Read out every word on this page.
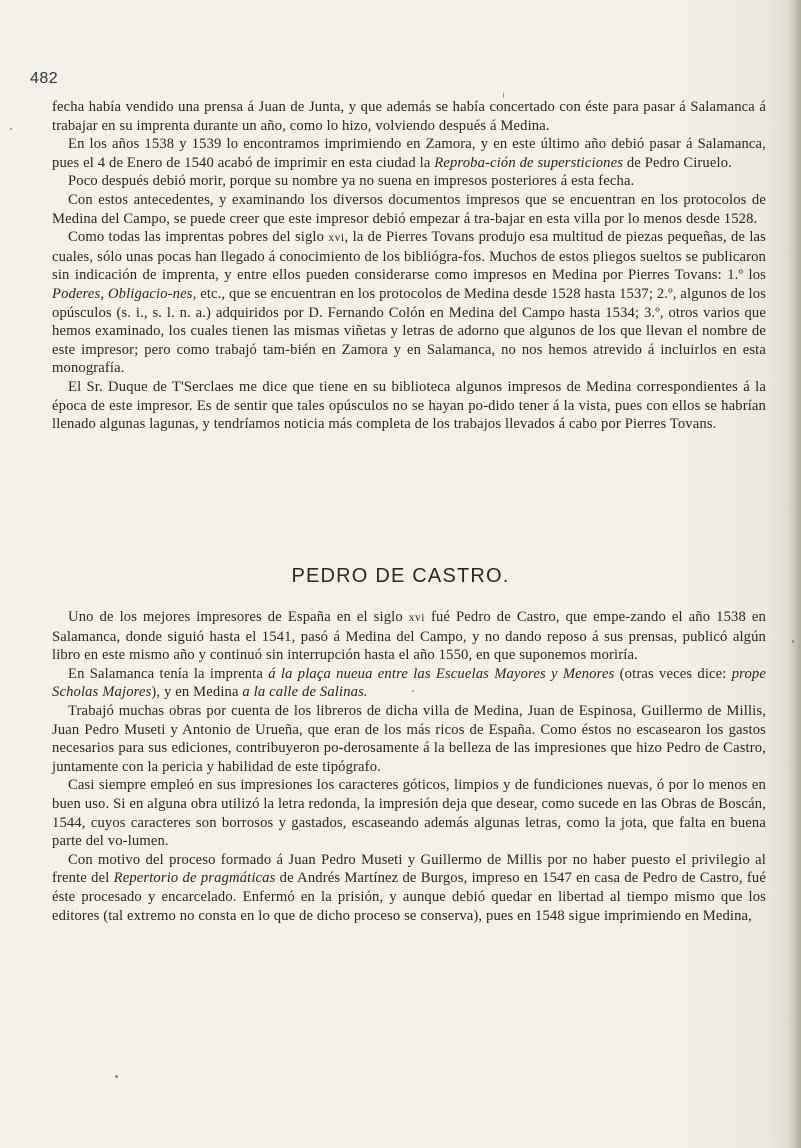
482

fecha había vendido una prensa á Juan de Junta, y que además se había concertado con éste para pasar á Salamanca á trabajar en su imprenta durante un año, como lo hizo, volviendo después á Medina.

En los años 1538 y 1539 lo encontramos imprimiendo en Zamora, y en este último año debió pasar á Salamanca, pues el 4 de Enero de 1540 acabó de imprimir en esta ciudad la Reproba-ción de supersticiones de Pedro Ciruelo.

Poco después debió morir, porque su nombre ya no suena en impresos posteriores á esta fecha.

Con estos antecedentes, y examinando los diversos documentos impresos que se encuentran en los protocolos de Medina del Campo, se puede creer que este impresor debió empezar á tra-bajar en esta villa por lo menos desde 1528.

Como todas las imprentas pobres del siglo xvi, la de Pierres Tovans produjo esa multitud de piezas pequeñas, de las cuales, sólo unas pocas han llegado á conocimiento de los bibliógra-fos. Muchos de estos pliegos sueltos se publicaron sin indicación de imprenta, y entre ellos pueden considerarse como impresos en Medina por Pierres Tovans: 1.º los Poderes, Obligacio-nes, etc., que se encuentran en los protocolos de Medina desde 1528 hasta 1537; 2.º, algunos de los opúsculos (s. i., s. l. n. a.) adquiridos por D. Fernando Colón en Medina del Campo hasta 1534; 3.º, otros varios que hemos examinado, los cuales tienen las mismas viñetas y letras de adorno que algunos de los que llevan el nombre de este impresor; pero como trabajó tam-bién en Zamora y en Salamanca, no nos hemos atrevido á incluirlos en esta monografía.

El Sr. Duque de T'Serclaes me dice que tiene en su biblioteca algunos impresos de Medina correspondientes á la época de este impresor. Es de sentir que tales opúsculos no se hayan po-dido tener á la vista, pues con ellos se habrían llenado algunas lagunas, y tendríamos noticia más completa de los trabajos llevados á cabo por Pierres Tovans.

PEDRO DE CASTRO.

Uno de los mejores impresores de España en el siglo xvi fué Pedro de Castro, que empe-zando el año 1538 en Salamanca, donde siguió hasta el 1541, pasó á Medina del Campo, y no dando reposo á sus prensas, publicó algún libro en este mismo año y continuó sin interrupción hasta el año 1550, en que suponemos moriría.

En Salamanca tenía la imprenta á la plaça nueua entre las Escuelas Mayores y Menores (otras veces dice: prope Scholas Majores), y en Medina a la calle de Salinas.

Trabajó muchas obras por cuenta de los libreros de dicha villa de Medina, Juan de Espinosa, Guillermo de Millis, Juan Pedro Museti y Antonio de Urueña, que eran de los más ricos de España. Como éstos no escasearon los gastos necesarios para sus ediciones, contribuyeron po-derosamente á la belleza de las impresiones que hizo Pedro de Castro, juntamente con la pericia y habilidad de este tipógrafo.

Casi siempre empleó en sus impresiones los caracteres góticos, limpios y de fundiciones nuevas, ó por lo menos en buen uso. Si en alguna obra utilizó la letra redonda, la impresión deja que desear, como sucede en las Obras de Boscán, 1544, cuyos caracteres son borrosos y gastados, escaseando además algunas letras, como la jota, que falta en buena parte del vo-lumen.

Con motivo del proceso formado á Juan Pedro Museti y Guillermo de Millis por no haber puesto el privilegio al frente del Repertorio de pragmáticas de Andrés Martínez de Burgos, impreso en 1547 en casa de Pedro de Castro, fué éste procesado y encarcelado. Enfermó en la prisión, y aunque debió quedar en libertad al tiempo mismo que los editores (tal extremo no consta en lo que de dicho proceso se conserva), pues en 1548 sigue imprimiendo en Medina,
